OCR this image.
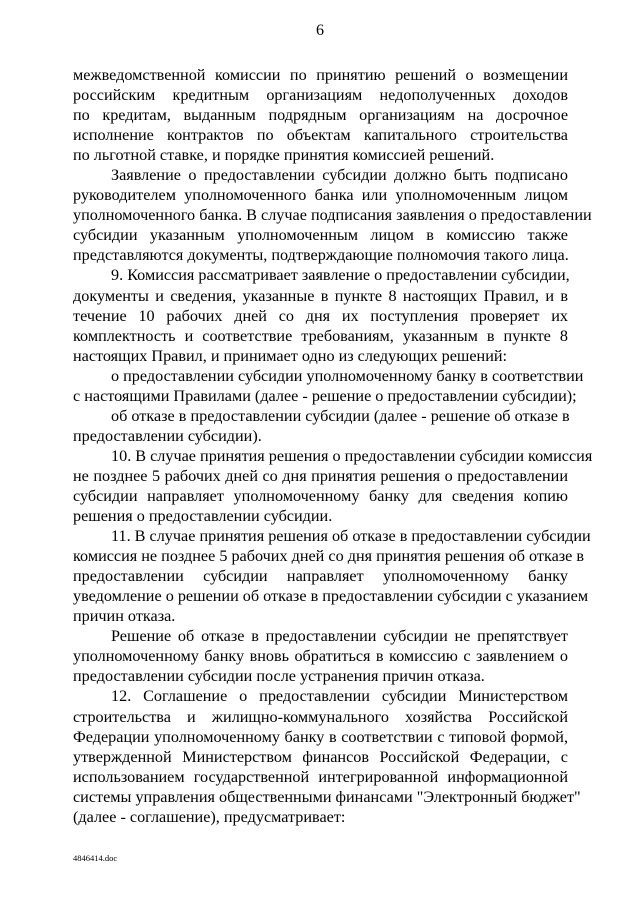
6
межведомственной комиссии по принятию решений о возмещении
российским кредитным организациям недополученных доходов
по кредитам, выданным подрядным организациям на досрочное
исполнение контрактов по объектам капитального строительства
по льготной ставке, и порядке принятия комиссией решений.
Заявление о предоставлении субсидии должно быть подписано
руководителем уполномоченного банка или уполномоченным лицом
уполномоченного банка. В случае подписания заявления о предоставлении
субсидии указанным уполномоченным лицом в комиссию также
представляются документы, подтверждающие полномочия такого лица.
9. Комиссия рассматривает заявление о предоставлении субсидии,
документы и сведения, указанные в пункте 8 настоящих Правил, и в
течение 10 рабочих дней со дня их поступления проверяет их
комплектность и соответствие требованиям, указанным в пункте 8
настоящих Правил, и принимает одно из следующих решений:
о предоставлении субсидии уполномоченному банку в соответствии
с настоящими Правилами (далее - решение о предоставлении субсидии);
об отказе в предоставлении субсидии (далее - решение об отказе в
предоставлении субсидии).
10. В случае принятия решения о предоставлении субсидии комиссия
не позднее 5 рабочих дней со дня принятия решения о предоставлении
субсидии направляет уполномоченному банку для сведения копию
решения о предоставлении субсидии.
11. В случае принятия решения об отказе в предоставлении субсидии
комиссия не позднее 5 рабочих дней со дня принятия решения об отказе в
предоставлении субсидии направляет уполномоченному банку
уведомление о решении об отказе в предоставлении субсидии с указанием
причин отказа.
Решение об отказе в предоставлении субсидии не препятствует
уполномоченному банку вновь обратиться в комиссию с заявлением о
предоставлении субсидии после устранения причин отказа.
12. Соглашение о предоставлении субсидии Министерством
строительства и жилищно-коммунального хозяйства Российской
Федерации уполномоченному банку в соответствии с типовой формой,
утвержденной Министерством финансов Российской Федерации, с
использованием государственной интегрированной информационной
системы управления общественными финансами "Электронный бюджет"
(далее - соглашение), предусматривает:
4846414.doc
